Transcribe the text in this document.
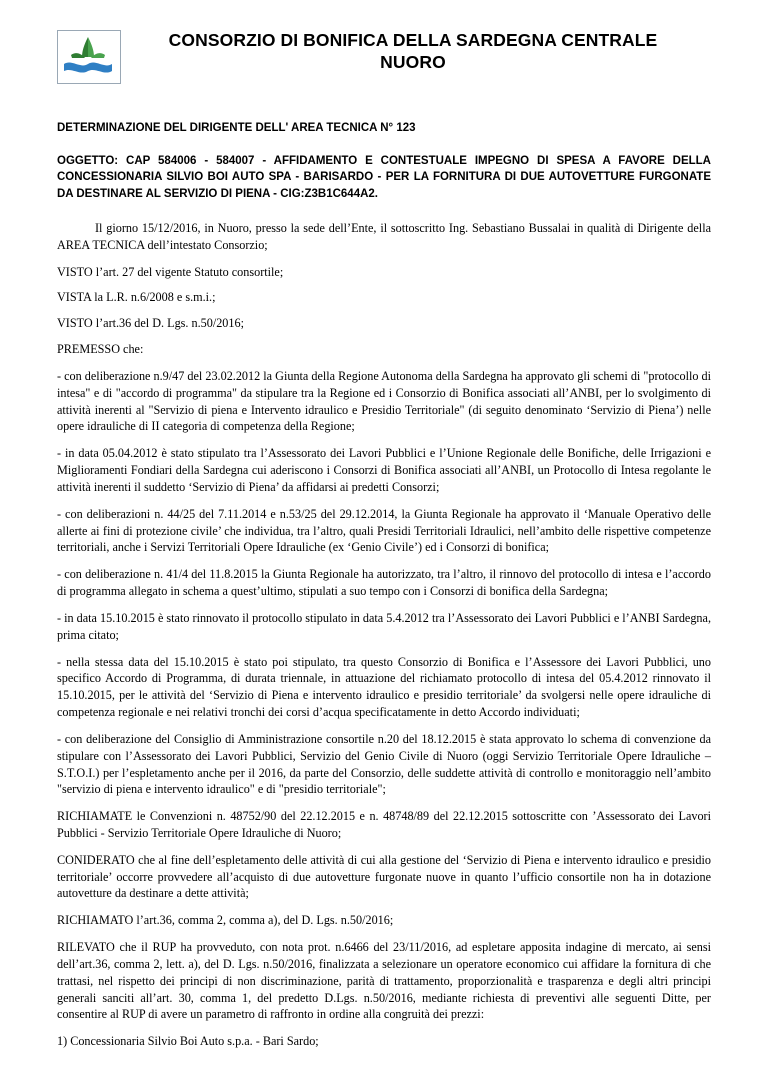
CONSORZIO DI BONIFICA DELLA SARDEGNA CENTRALE
NUORO
DETERMINAZIONE DEL DIRIGENTE DELL' AREA TECNICA N° 123
OGGETTO: CAP 584006 - 584007 - AFFIDAMENTO E CONTESTUALE IMPEGNO DI SPESA A FAVORE DELLA CONCESSIONARIA SILVIO BOI AUTO SPA - BARISARDO - PER LA FORNITURA DI DUE AUTOVETTURE FURGONATE DA DESTINARE AL SERVIZIO DI PIENA - CIG:Z3B1C644A2.

Il giorno 15/12/2016, in Nuoro, presso la sede dell’Ente, il sottoscritto Ing. Sebastiano Bussalai in qualità di Dirigente della AREA TECNICA dell’intestato Consorzio;

VISTO l’art. 27 del vigente Statuto consortile;

VISTA la L.R. n.6/2008 e s.m.i.;

VISTO l’art.36 del D. Lgs. n.50/2016;

PREMESSO che:

- con deliberazione n.9/47 del 23.02.2012 la Giunta della Regione Autonoma della Sardegna ha approvato gli schemi di "protocollo di intesa" e di "accordo di programma" da stipulare tra la Regione ed i Consorzio di Bonifica associati all’ANBI, per lo svolgimento di attività inerenti al "Servizio di piena e Intervento idraulico e Presidio Territoriale" (di seguito denominato ‘Servizio di Piena’) nelle opere idrauliche di II categoria di competenza della Regione;

- in data 05.04.2012 è stato stipulato tra l’Assessorato dei Lavori Pubblici e l’Unione Regionale delle Bonifiche, delle Irrigazioni e Miglioramenti Fondiari della Sardegna cui aderiscono i Consorzi di Bonifica associati all’ANBI, un Protocollo di Intesa regolante le attività inerenti il suddetto ‘Servizio di Piena’ da affidarsi ai predetti Consorzi;

- con deliberazioni n. 44/25 del 7.11.2014 e n.53/25 del 29.12.2014, la Giunta Regionale ha approvato il ‘Manuale Operativo delle allerte ai fini di protezione civile’ che individua, tra l’altro, quali Presidi Territoriali Idraulici, nell’ambito delle rispettive competenze territoriali, anche i Servizi Territoriali Opere Idrauliche (ex ‘Genio Civile’) ed i Consorzi di bonifica;

- con deliberazione n. 41/4 del 11.8.2015 la Giunta Regionale ha autorizzato, tra l’altro, il rinnovo del protocollo di intesa e l’accordo di programma allegato in schema a quest’ultimo, stipulati a suo tempo con i Consorzi di bonifica della Sardegna;

- in data 15.10.2015 è stato rinnovato il protocollo stipulato in data 5.4.2012 tra l’Assessorato dei Lavori Pubblici e l’ANBI Sardegna, prima citato;

- nella stessa data del 15.10.2015 è stato poi stipulato, tra questo Consorzio di Bonifica e l’Assessore dei Lavori Pubblici, uno specifico Accordo di Programma, di durata triennale, in attuazione del richiamato protocollo di intesa del 05.4.2012 rinnovato il 15.10.2015, per le attività del ‘Servizio di Piena e intervento idraulico e presidio territoriale’ da svolgersi nelle opere idrauliche di competenza regionale e nei relativi tronchi dei corsi d’acqua specificatamente in detto Accordo individuati;

- con deliberazione del Consiglio di Amministrazione consortile n.20 del 18.12.2015 è stata approvato lo schema di convenzione da stipulare con l’Assessorato dei Lavori Pubblici, Servizio del Genio Civile di Nuoro (oggi Servizio Territoriale Opere Idrauliche – S.T.O.I.) per l’espletamento anche per il 2016, da parte del Consorzio, delle suddette attività di controllo e monitoraggio nell’ambito "servizio di piena e intervento idraulico" e di "presidio territoriale";

RICHIAMATE le Convenzioni n. 48752/90 del 22.12.2015 e n. 48748/89 del 22.12.2015 sottoscritte con ’Assessorato dei Lavori Pubblici - Servizio Territoriale Opere Idrauliche di Nuoro;

CONIDERATO che al fine dell’espletamento delle attività di cui alla gestione del ‘Servizio di Piena e intervento idraulico e presidio territoriale’ occorre provvedere all’acquisto di due autovetture furgonate nuove in quanto l’ufficio consortile non ha in dotazione autovetture da destinare a dette attività;

RICHIAMATO l’art.36, comma 2, comma a), del D. Lgs. n.50/2016;

RILEVATO che il RUP ha provveduto, con nota prot. n.6466 del 23/11/2016, ad espletare apposita indagine di mercato, ai sensi dell’art.36, comma 2, lett. a), del D. Lgs. n.50/2016, finalizzata a selezionare un operatore economico cui affidare la fornitura di che trattasi, nel rispetto dei principi di non discriminazione, parità di trattamento, proporzionalità e trasparenza e degli altri principi generali sanciti all’art. 30, comma 1, del predetto D.Lgs. n.50/2016, mediante richiesta di preventivi alle seguenti Ditte, per consentire al RUP di avere un parametro di raffronto in ordine alla congruità dei prezzi:

1) Concessionaria Silvio Boi Auto s.p.a. - Bari Sardo;
